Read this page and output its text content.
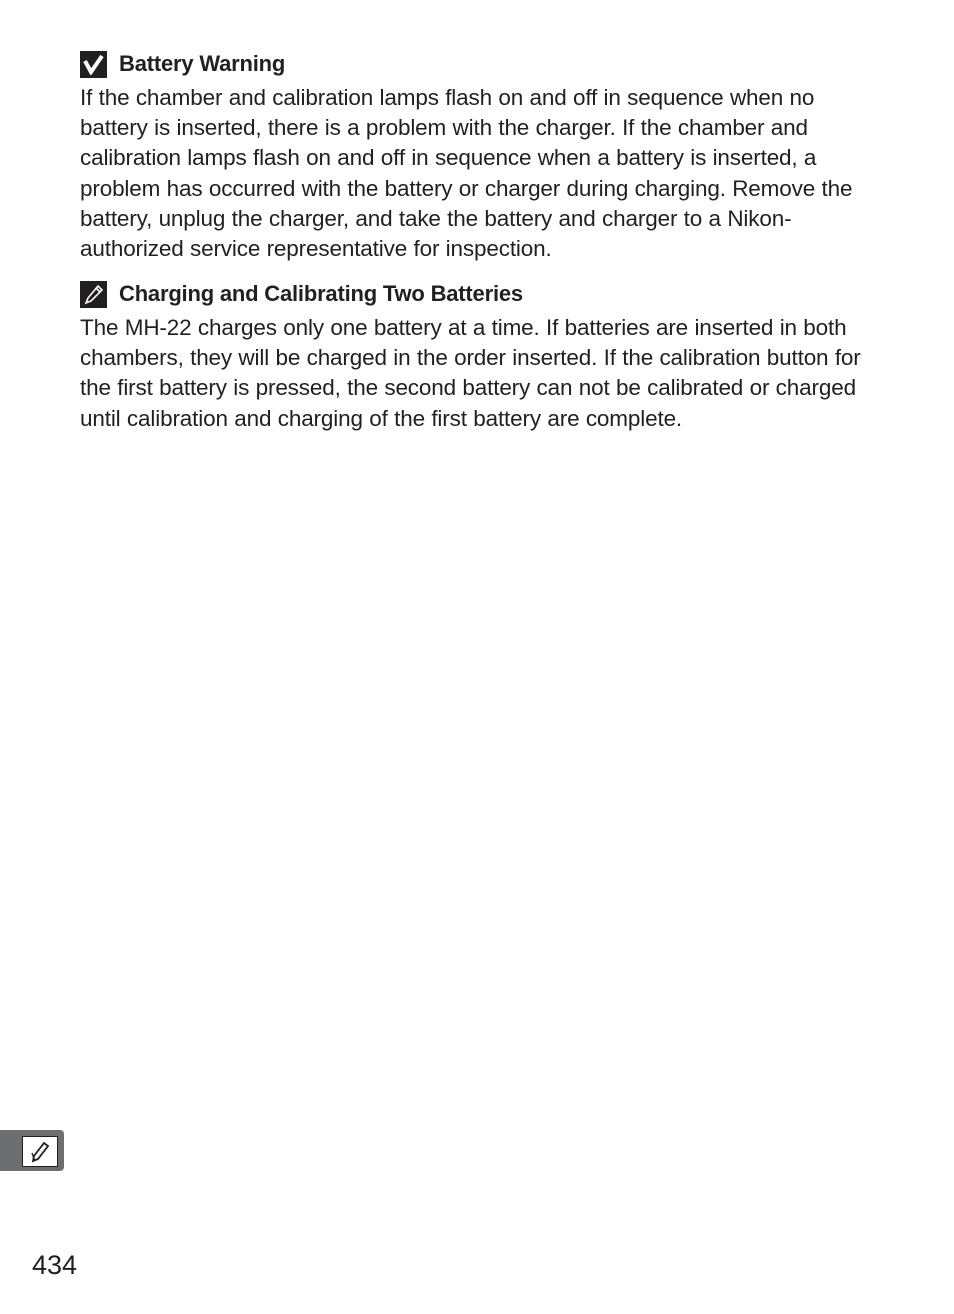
Battery Warning

If the chamber and calibration lamps flash on and off in sequence when no battery is inserted, there is a problem with the charger. If the chamber and calibration lamps flash on and off in sequence when a battery is inserted, a problem has occurred with the battery or charger during charging. Remove the battery, unplug the charger, and take the battery and charger to a Nikon-authorized service representative for inspection.

Charging and Calibrating Two Batteries

The MH-22 charges only one battery at a time. If batteries are inserted in both chambers, they will be charged in the order inserted. If the calibration button for the first battery is pressed, the second battery can not be calibrated or charged until calibration and charging of the first battery are complete.

434
